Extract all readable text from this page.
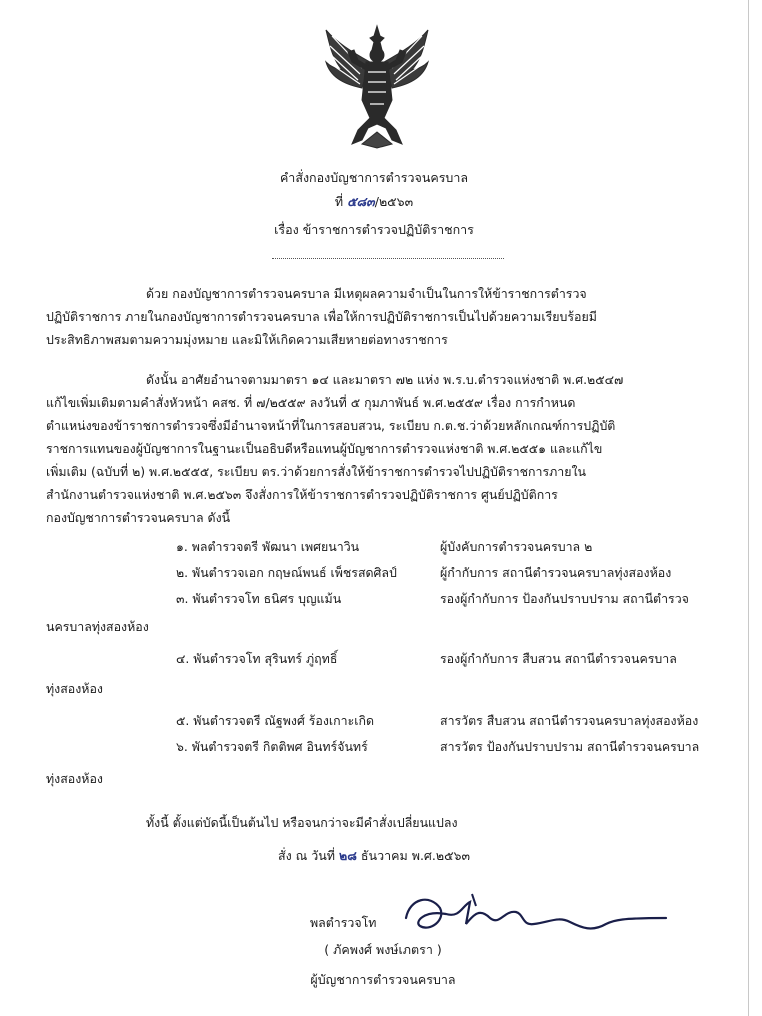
คำสั่งกองบัญชาการตำรวจนครบาล
ที่ ๕๘๓/๒๕๖๓
เรื่อง ข้าราชการตำรวจปฏิบัติราชการ
ด้วย กองบัญชาการตำรวจนครบาล มีเหตุผลความจำเป็นในการให้ข้าราชการตำรวจ
ปฏิบัติราชการ ภายในกองบัญชาการตำรวจนครบาล เพื่อให้การปฏิบัติราชการเป็นไปด้วยความเรียบร้อยมี
ประสิทธิภาพสมตามความมุ่งหมาย และมิให้เกิดความเสียหายต่อทางราชการ
ดังนั้น อาศัยอำนาจตามมาตรา ๑๔ และมาตรา ๗๒ แห่ง พ.ร.บ.ตำรวจแห่งชาติ พ.ศ.๒๕๔๗
แก้ไขเพิ่มเติมตามคำสั่งหัวหน้า คสช. ที่ ๗/๒๕๕๙ ลงวันที่ ๕ กุมภาพันธ์ พ.ศ.๒๕๕๙ เรื่อง การกำหนด
ตำแหน่งของข้าราชการตำรวจซึ่งมีอำนาจหน้าที่ในการสอบสวน, ระเบียบ ก.ต.ช.ว่าด้วยหลักเกณฑ์การปฏิบัติ
ราชการแทนของผู้บัญชาการในฐานะเป็นอธิบดีหรือแทนผู้บัญชาการตำรวจแห่งชาติ พ.ศ.๒๕๕๑ และแก้ไข
เพิ่มเติม (ฉบับที่ ๒) พ.ศ.๒๕๕๕, ระเบียบ ตร.ว่าด้วยการสั่งให้ข้าราชการตำรวจไปปฏิบัติราชการภายใน
สำนักงานตำรวจแห่งชาติ พ.ศ.๒๕๖๓ จึงสั่งการให้ข้าราชการตำรวจปฏิบัติราชการ ศูนย์ปฏิบัติการ
กองบัญชาการตำรวจนครบาล ดังนี้
๑. พลตำรวจตรี พัฒนา เพศยนาวิน	ผู้บังคับการตำรวจนครบาล ๒
๒. พันตำรวจเอก กฤษณ์พนธ์ เพ็ชรสดศิลป์	ผู้กำกับการ สถานีตำรวจนครบาลทุ่งสองห้อง
๓. พันตำรวจโท ธนิศร บุญแม้น	รองผู้กำกับการ ป้องกันปราบปราม สถานีตำรวจ
นครบาลทุ่งสองห้อง
๔. พันตำรวจโท สุรินทร์ ภู่ฤทธิ์	รองผู้กำกับการ สืบสวน สถานีตำรวจนครบาล
ทุ่งสองห้อง
๕. พันตำรวจตรี ณัฐพงศ์ ร้องเกาะเกิด	สารวัตร สืบสวน สถานีตำรวจนครบาลทุ่งสองห้อง
๖. พันตำรวจตรี กิตติพศ อินทร์จันทร์	สารวัตร ป้องกันปราบปราม สถานีตำรวจนครบาล
ทุ่งสองห้อง
ทั้งนี้ ตั้งแต่บัดนี้เป็นต้นไป หรือจนกว่าจะมีคำสั่งเปลี่ยนแปลง
สั่ง ณ วันที่ ๒๘ ธันวาคม พ.ศ.๒๕๖๓
พลตำรวจโท
( ภัคพงศ์ พงษ์เภตรา )
ผู้บัญชาการตำรวจนครบาล
